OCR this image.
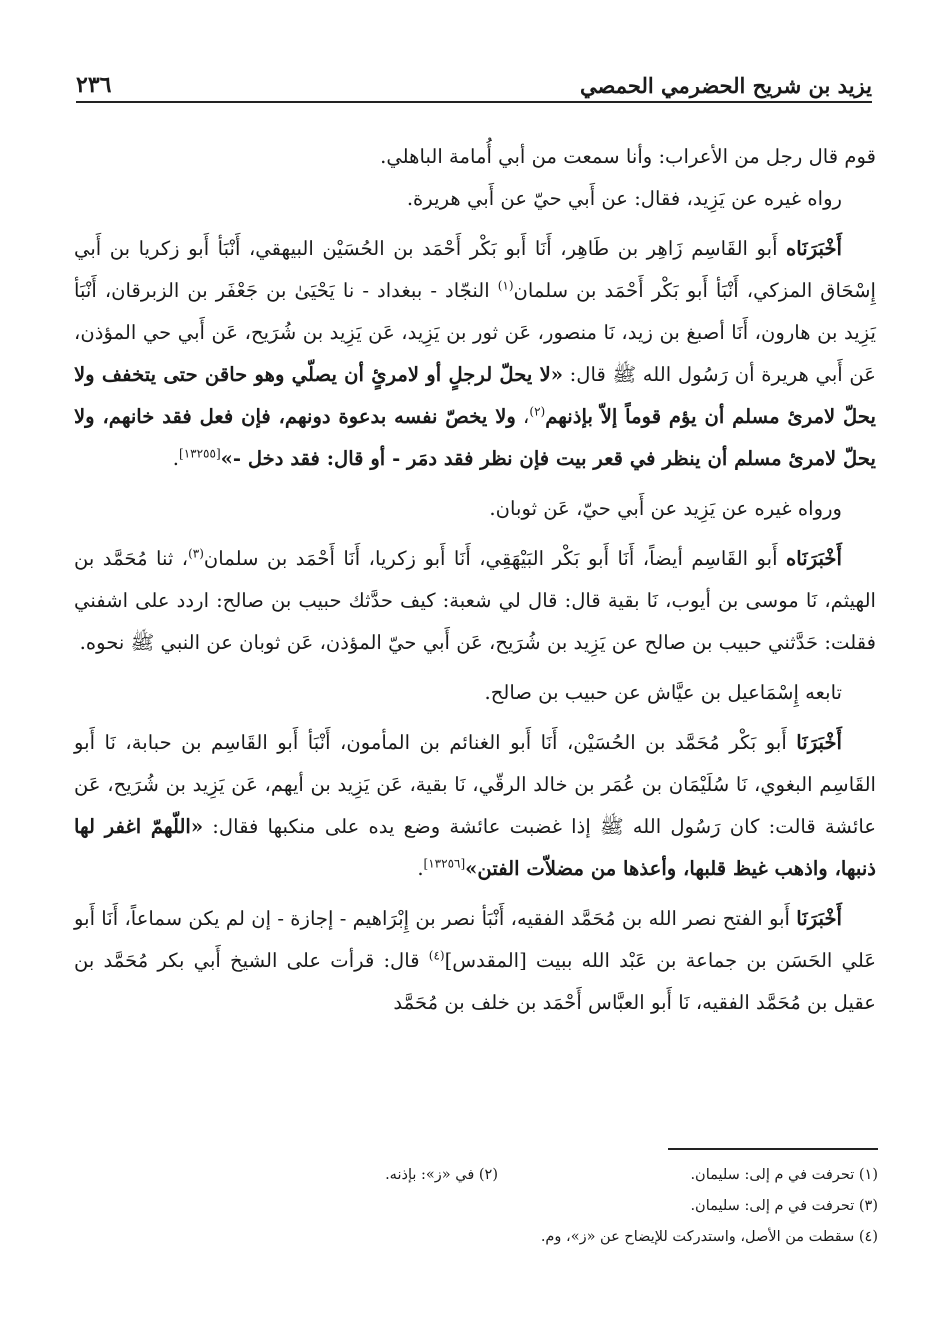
يزيد بن شريح الحضرمي الحمصي
٢٣٦

قوم قال رجل من الأعراب: وأنا سمعت من أبي أُمامة الباهلي.

رواه غيره عن يَزِيد، فقال: عن أَبي حيّ عن أَبي هريرة.

أَخْبَرَنَاه أَبو القَاسِم زَاهِر بن طَاهِر، أَنَا أَبو بَكْر أَحْمَد بن الحُسَيْن البيهقي، أَنْبَأ أَبو زكريا بن أَبي إِسْحَاق المزكي، أَنْبَأ أَبو بَكْر أَحْمَد بن سلمان$^{(١)}$ النجّاد - ببغداد - نا يَحْيَىٰ بن جَعْفَر بن الزبرقان، أَنْبَأ يَزِيد بن هارون، أَنَا أصبغ بن زيد، نَا منصور، عَن ثور بن يَزِيد، عَن يَزِيد بن شُرَيح، عَن أَبي حي المؤذن، عَن أَبي هريرة أن رَسُول الله ﷺ قال: «لا يحلّ لرجلٍ أو لامرئٍ أن يصلّي وهو حاقن حتى يتخفف ولا يحلّ لامرئ مسلم أن يؤم قوماً إلاّ بإذنهم$^{(٢)}$، ولا يخصّ نفسه بدعوة دونهم، فإن فعل فقد خانهم، ولا يحلّ لامرئ مسلم أن ينظر في قعر بيت فإن نظر فقد دمَر - أو قال: فقد دخل -»[١٣٢٥٥].

ورواه غيره عن يَزِيد عن أَبي حيّ، عَن ثوبان.

أَخْبَرَنَاه أَبو القَاسِم أيضاً، أَنَا أَبو بَكْر البَيْهَقِي، أَنَا أَبو زكريا، أَنَا أَحْمَد بن سلمان$^{(٣)}$، ثنا مُحَمَّد بن الهيثم، نَا موسى بن أيوب، نَا بقية قال: قال لي شعبة: كيف حدَّثك حبيب بن صالح: اردد على اشفني فقلت: حَدَّثني حبيب بن صالح عن يَزِيد بن شُرَيح، عَن أَبي حيّ المؤذن، عَن ثوبان عن النبي ﷺ نحوه.

تابعه إِسْمَاعيل بن عيَّاش عن حبيب بن صالح.

أَخْبَرَنَا أَبو بَكْر مُحَمَّد بن الحُسَيْن، أَنَا أَبو الغنائم بن المأمون، أَنْبَأ أَبو القَاسِم بن حبابة، نَا أَبو القَاسِم البغوي، نَا سُلَيْمَان بن عُمَر بن خالد الرقّي، نَا بقية، عَن يَزِيد بن أيهم، عَن يَزِيد بن شُرَيح، عَن عائشة قالت: كان رَسُول الله ﷺ إذا غضبت عائشة وضع يده على منكبها فقال: «اللّهمّ اغفر لها ذنبها، واذهب غيظ قلبها، وأعذها من مضلاّت الفتن»[١٣٢٥٦].

أَخْبَرَنَا أَبو الفتح نصر الله بن مُحَمَّد الفقيه، أَنْبَأ نصر بن إِبْرَاهيم - إجازة - إن لم يكن سماعاً، أَنَا أَبو عَلي الحَسَن بن جماعة بن عَبْد الله ببيت [المقدس]$^{(٤)}$ قال: قرأت على الشيخ أَبي بكر مُحَمَّد بن عقيل بن مُحَمَّد الفقيه، نَا أَبو العبَّاس أَحْمَد بن خلف بن مُحَمَّد

(١) تحرفت في م إلى: سليمان.
(٢) في «ز»: بإذنه.
(٣) تحرفت في م إلى: سليمان.
(٤) سقطت من الأصل، واستدركت للإيضاح عن «ز»، وم.
